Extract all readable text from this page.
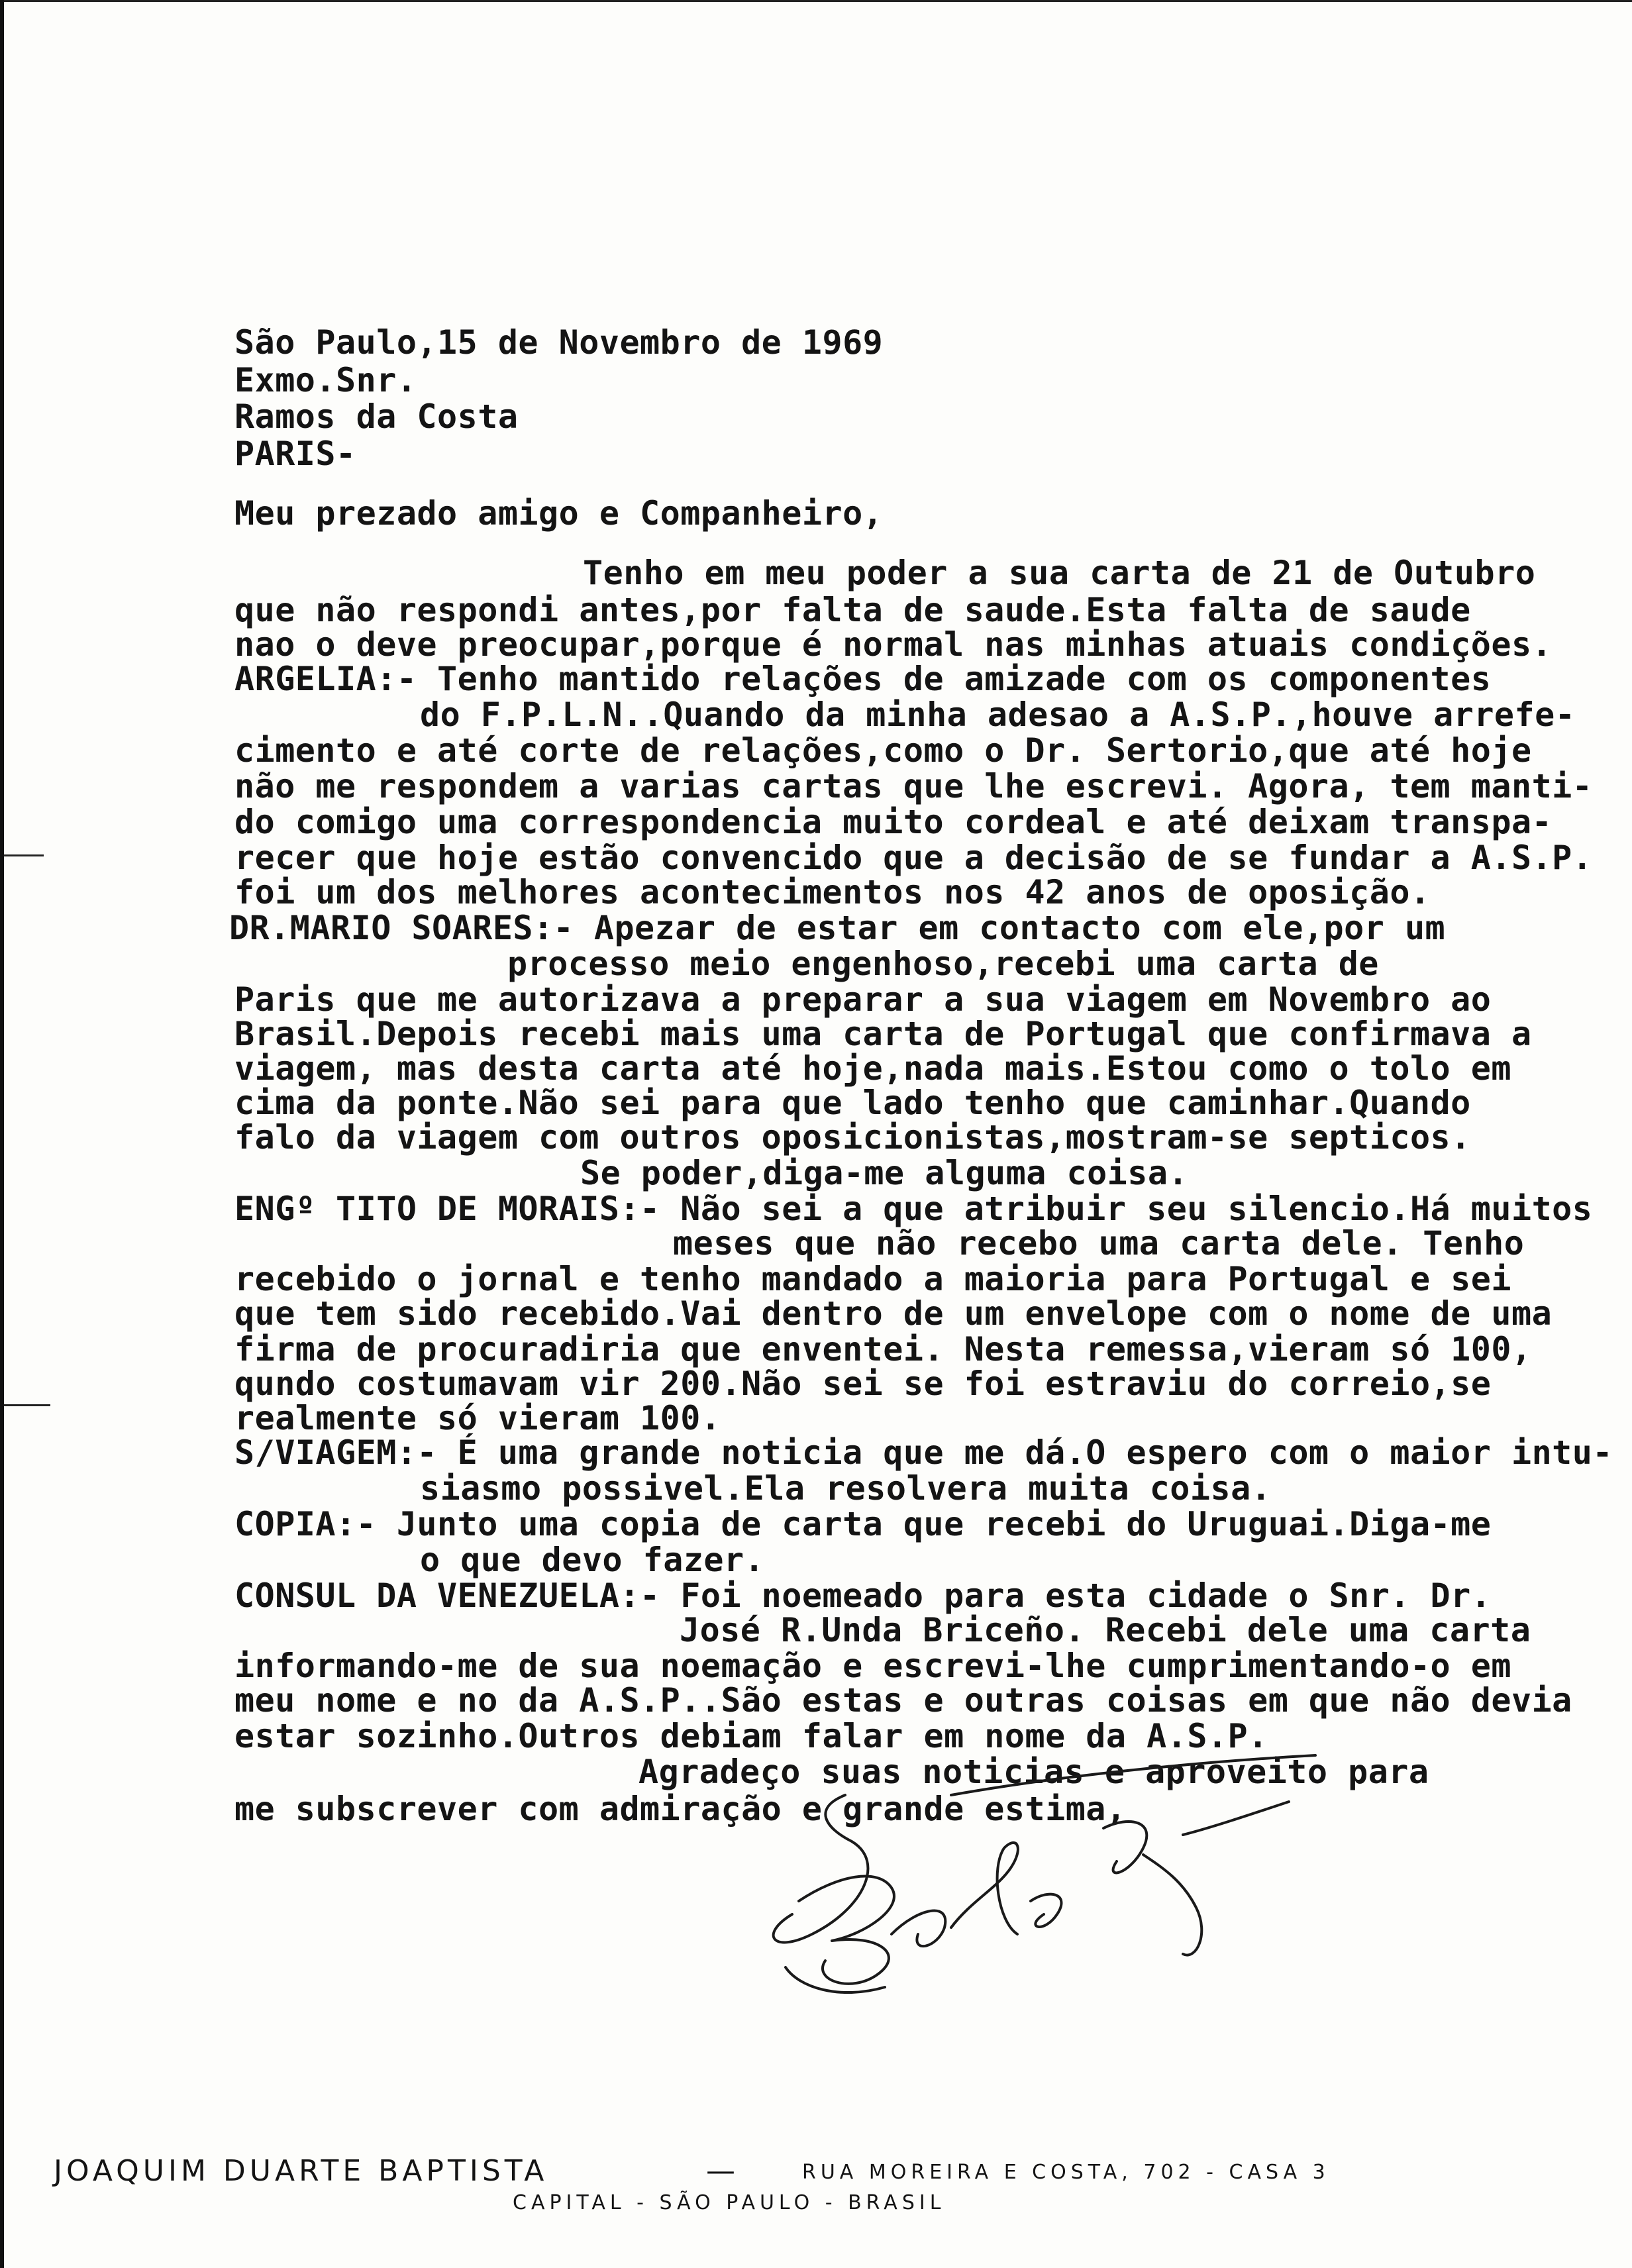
São Paulo,15 de Novembro de 1969
Exmo.Snr.
Ramos da Costa
PARIS-
Meu prezado amigo e Companheiro,
Tenho em meu poder a sua carta de 21 de Outubro
que não respondi antes,por falta de saude.Esta falta de saude
nao o deve preocupar,porque é normal nas minhas atuais condições.
ARGELIA:- Tenho mantido relações de amizade com os componentes
do F.P.L.N..Quando da minha adesao a A.S.P.,houve arrefe-
cimento e até corte de relações,como o Dr. Sertorio,que até hoje
não me respondem a varias cartas que lhe escrevi. Agora, tem manti-
do comigo uma correspondencia muito cordeal e até deixam transpa-
recer que hoje estão convencido que a decisão de se fundar a A.S.P.
foi um dos melhores acontecimentos nos 42 anos de oposição.
DR.MARIO SOARES:- Apezar de estar em contacto com ele,por um
processo meio engenhoso,recebi uma carta de
Paris que me autorizava a preparar a sua viagem em Novembro ao
Brasil.Depois recebi mais uma carta de Portugal que confirmava a
viagem, mas desta carta até hoje,nada mais.Estou como o tolo em
cima da ponte.Não sei para que lado tenho que caminhar.Quando
falo da viagem com outros oposicionistas,mostram-se septicos.
Se poder,diga-me alguma coisa.
ENGº TITO DE MORAIS:- Não sei a que atribuir seu silencio.Há muitos
meses que não recebo uma carta dele. Tenho
recebido o jornal e tenho mandado a maioria para Portugal e sei
que tem sido recebido.Vai dentro de um envelope com o nome de uma
firma de procuradiria que enventei. Nesta remessa,vieram só 100,
qundo costumavam vir 200.Não sei se foi estraviu do correio,se
realmente só vieram 100.
S/VIAGEM:- É uma grande noticia que me dá.O espero com o maior intu-
siasmo possivel.Ela resolvera muita coisa.
COPIA:- Junto uma copia de carta que recebi do Uruguai.Diga-me
o que devo fazer.
CONSUL DA VENEZUELA:- Foi noemeado para esta cidade o Snr. Dr.
José R.Unda Briceño. Recebi dele uma carta
informando-me de sua noemação e escrevi-lhe cumprimentando-o em
meu nome e no da A.S.P..São estas e outras coisas em que não devia
estar sozinho.Outros debiam falar em nome da A.S.P.
Agradeço suas noticias e aproveito para
me subscrever com admiração e grande estima,
JOAQUIM DUARTE BAPTISTA	—	RUA MOREIRA E COSTA, 702 - CASA 3
CAPITAL - SÃO PAULO - BRASIL
